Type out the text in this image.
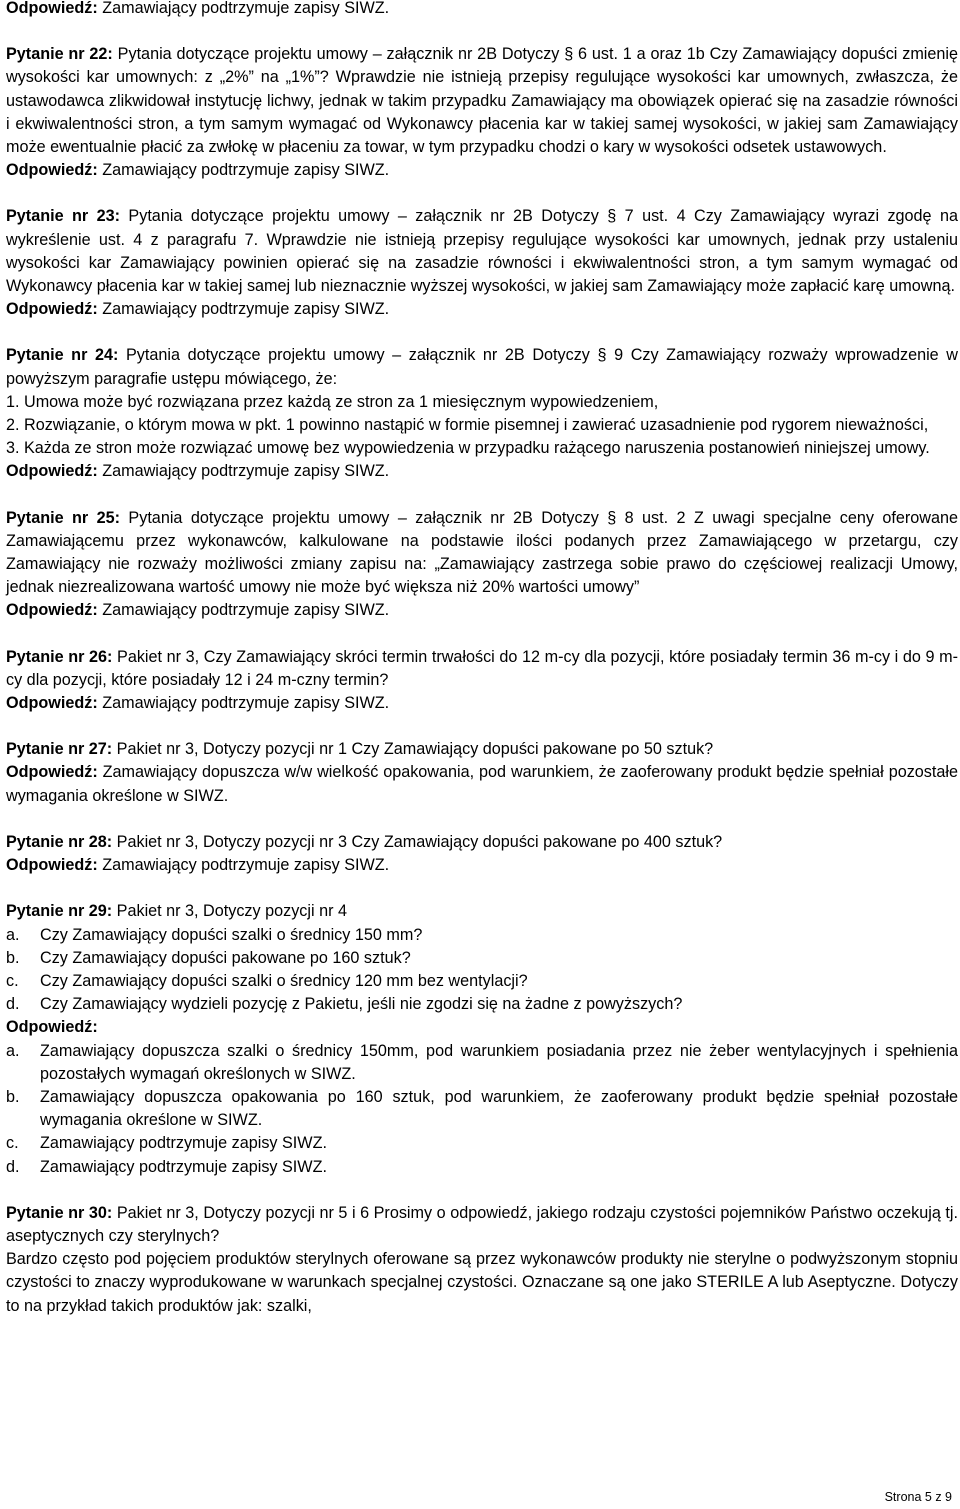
Odpowiedź: Zamawiający podtrzymuje zapisy SIWZ.

Pytanie nr 22: Pytania dotyczące projektu umowy – załącznik nr 2B Dotyczy § 6 ust. 1 a oraz 1b Czy Zamawiający dopuści zmienię wysokości kar umownych: z „2%” na „1%”? Wprawdzie nie istnieją przepisy regulujące wysokości kar umownych, zwłaszcza, że ustawodawca zlikwidował instytucję lichwy, jednak w takim przypadku Zamawiający ma obowiązek opierać się na zasadzie równości i ekwiwalentności stron, a tym samym wymagać od Wykonawcy płacenia kar w takiej samej wysokości, w jakiej sam Zamawiający może ewentualnie płacić za zwłokę w płaceniu za towar, w tym przypadku chodzi o kary w wysokości odsetek ustawowych.

Odpowiedź: Zamawiający podtrzymuje zapisy SIWZ.

Pytanie nr 23: Pytania dotyczące projektu umowy – załącznik nr 2B Dotyczy § 7 ust. 4 Czy Zamawiający wyrazi zgodę na wykreślenie ust. 4 z paragrafu 7. Wprawdzie nie istnieją przepisy regulujące wysokości kar umownych, jednak przy ustaleniu wysokości kar Zamawiający powinien opierać się na zasadzie równości i ekwiwalentności stron, a tym samym wymagać od Wykonawcy płacenia kar w takiej samej lub nieznacznie wyższej wysokości, w jakiej sam Zamawiający może zapłacić karę umowną.

Odpowiedź: Zamawiający podtrzymuje zapisy SIWZ.

Pytanie nr 24: Pytania dotyczące projektu umowy – załącznik nr 2B Dotyczy § 9 Czy Zamawiający rozważy wprowadzenie w powyższym paragrafie ustępu mówiącego, że:

1. Umowa może być rozwiązana przez każdą ze stron za 1 miesięcznym wypowiedzeniem,

2. Rozwiązanie, o którym mowa w pkt. 1 powinno nastąpić w formie pisemnej i zawierać uzasadnienie pod rygorem nieważności,

3. Każda ze stron może rozwiązać umowę bez wypowiedzenia w przypadku rażącego naruszenia postanowień niniejszej umowy.

Odpowiedź: Zamawiający podtrzymuje zapisy SIWZ.

Pytanie nr 25: Pytania dotyczące projektu umowy – załącznik nr 2B Dotyczy § 8 ust. 2 Z uwagi specjalne ceny oferowane Zamawiającemu przez wykonawców, kalkulowane na podstawie ilości podanych przez Zamawiającego w przetargu, czy Zamawiający nie rozważy możliwości zmiany zapisu na: „Zamawiający zastrzega sobie prawo do częściowej realizacji Umowy, jednak niezrealizowana wartość umowy nie może być większa niż 20% wartości umowy”

Odpowiedź: Zamawiający podtrzymuje zapisy SIWZ.

Pytanie nr 26: Pakiet nr 3, Czy Zamawiający skróci termin trwałości do 12 m-cy dla pozycji, które posiadały termin 36 m-cy i do 9 m-cy dla pozycji, które posiadały 12 i 24 m-czny termin?

Odpowiedź: Zamawiający podtrzymuje zapisy SIWZ.

Pytanie nr 27: Pakiet nr 3, Dotyczy pozycji nr 1 Czy Zamawiający dopuści pakowane po 50 sztuk?

Odpowiedź: Zamawiający dopuszcza w/w wielkość opakowania, pod warunkiem, że zaoferowany produkt będzie spełniał pozostałe wymagania określone w SIWZ.

Pytanie nr 28: Pakiet nr 3, Dotyczy pozycji nr 3 Czy Zamawiający dopuści pakowane po 400 sztuk?

Odpowiedź: Zamawiający podtrzymuje zapisy SIWZ.

Pytanie nr 29: Pakiet nr 3, Dotyczy pozycji nr 4

a.	Czy Zamawiający dopuści szalki o średnicy 150 mm?
b.	Czy Zamawiający dopuści pakowane po 160 sztuk?
c.	Czy Zamawiający dopuści szalki o średnicy 120 mm bez wentylacji?
d.	Czy Zamawiający wydzieli pozycję z Pakietu, jeśli nie zgodzi się na żadne z powyższych?

Odpowiedź:

a.	Zamawiający dopuszcza szalki o średnicy 150mm, pod warunkiem posiadania przez nie żeber wentylacyjnych i spełnienia pozostałych wymagań określonych w SIWZ.
b.	Zamawiający dopuszcza opakowania po 160 sztuk, pod warunkiem, że zaoferowany produkt będzie spełniał pozostałe wymagania określone w SIWZ.
c.	Zamawiający podtrzymuje zapisy SIWZ.
d.	Zamawiający podtrzymuje zapisy SIWZ.

Pytanie nr 30: Pakiet nr 3, Dotyczy pozycji nr 5 i 6 Prosimy o odpowiedź, jakiego rodzaju czystości pojemników Państwo oczekują tj. aseptycznych czy sterylnych?

Bardzo często pod pojęciem produktów sterylnych oferowane są przez wykonawców produkty nie sterylne o podwyższonym stopniu czystości to znaczy wyprodukowane w warunkach specjalnej czystości. Oznaczane są one jako STERILE A lub Aseptyczne. Dotyczy to na przykład takich produktów jak: szalki,

Strona 5 z 9
